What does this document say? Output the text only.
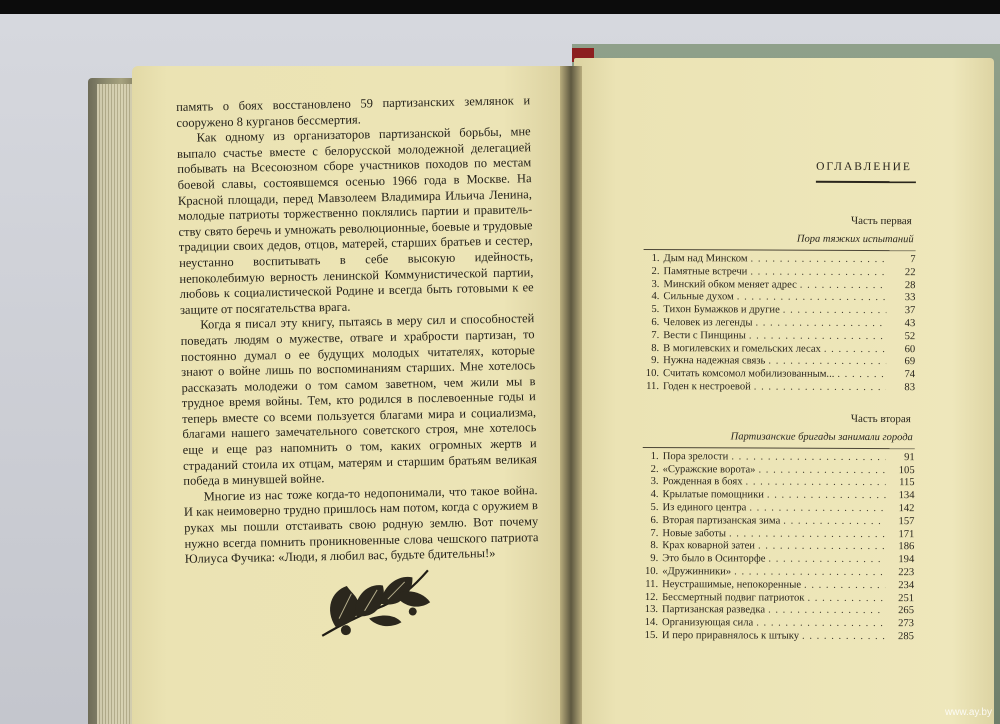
память о боях восстановлено 59 партизанских землянок и сооружено 8 курганов бессмертия.

Как одному из организаторов партизанской борьбы, мне выпало счастье вместе с белорусской молодежной делегацией побывать на Всесоюзном сборе участников походов по местам боевой славы, состоявшемся осенью 1966 года в Москве. На Красной площади, перед Мавзолеем Владимира Ильича Ленина, молодые патриоты торжественно поклялись партии и правительству свято беречь и умножать революционные, боевые и трудовые традиции своих дедов, отцов, матерей, старших братьев и сестер, неустанно воспитывать в себе высокую идейность, непоколебимую верность ленинской Коммунистической партии, любовь к социалистической Родине и всегда быть готовыми к ее защите от посягательства врага.

Когда я писал эту книгу, пытаясь в меру сил и способностей поведать людям о мужестве, отваге и храбрости партизан, то постоянно думал о ее будущих молодых читателях, которые знают о войне лишь по воспоминаниям старших. Мне хотелось рассказать молодежи о том самом заветном, чем жили мы в трудное время войны. Тем, кто родился в послевоенные годы и теперь вместе со всеми пользуется благами мира и социализма, благами нашего замечательного советского строя, мне хотелось еще и еще раз напомнить о том, каких огромных жертв и страданий стоила их отцам, матерям и старшим братьям великая победа в минувшей войне.

Многие из нас тоже когда-то недопонимали, что такое война. И как неимоверно трудно пришлось нам потом, когда с оружием в руках мы пошли отстаивать свою родную землю. Вот почему нужно всегда помнить проникновенные слова чешского патриота Юлиуса Фучика: «Люди, я любил вас, будьте бдительны!»

ОГЛАВЛЕНИЕ
Часть первая
Пора тяжких испытаний
1. Дым над Минском . . .	7
2. Памятные встречи . . .	22
3. Минский обком меняет адрес . . .	28
4. Сильные духом . . .	33
5. Тихон Бумажков и другие . . .	37
6. Человек из легенды . . .	43
7. Вести с Пинщины . . .	52
8. В могилевских и гомельских лесах . . .	60
9. Нужна надежная связь . . .	69
10. Считать комсомол мобилизованным... . . .	74
11. Годен к нестроевой . . .	83
Часть вторая
Партизанские бригады занимали города
1. Пора зрелости . . .	91
2. «Суражские ворота» . . .	105
3. Рожденная в боях . . .	115
4. Крылатые помощники . . .	134
5. Из единого центра . . .	142
6. Вторая партизанская зима . . .	157
7. Новые заботы . . .	171
8. Крах коварной затеи . . .	186
9. Это было в Осинторфе . . .	194
10. «Дружинники» . . .	223
11. Неустрашимые, непокоренные . . .	234
12. Бессмертный подвиг патриоток . . .	251
13. Партизанская разведка . . .	265
14. Организующая сила . . .	273
15. И перо приравнялось к штыку . . .	285
www.ay.by
